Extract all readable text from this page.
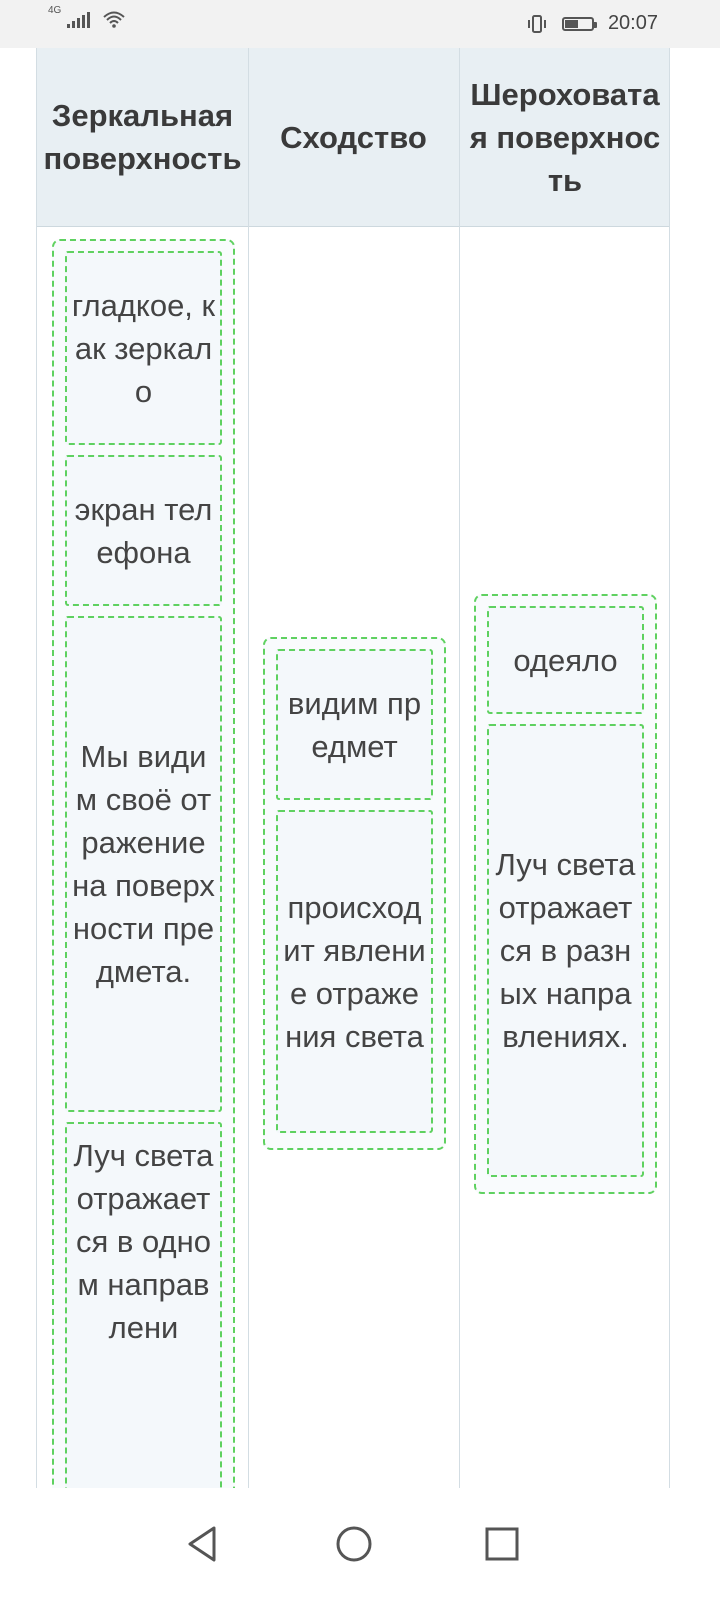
4G
20:07
Зеркальная поверхность
Сходство
Шероховатая поверхность
гладкое, как зеркало
экран телефона
Мы видим своё отражение на поверхности предмета.
Луч света отражается в одном направлени
видим предмет
происходит явление отражения света
одеяло
Луч света отражается в разных направлениях.
